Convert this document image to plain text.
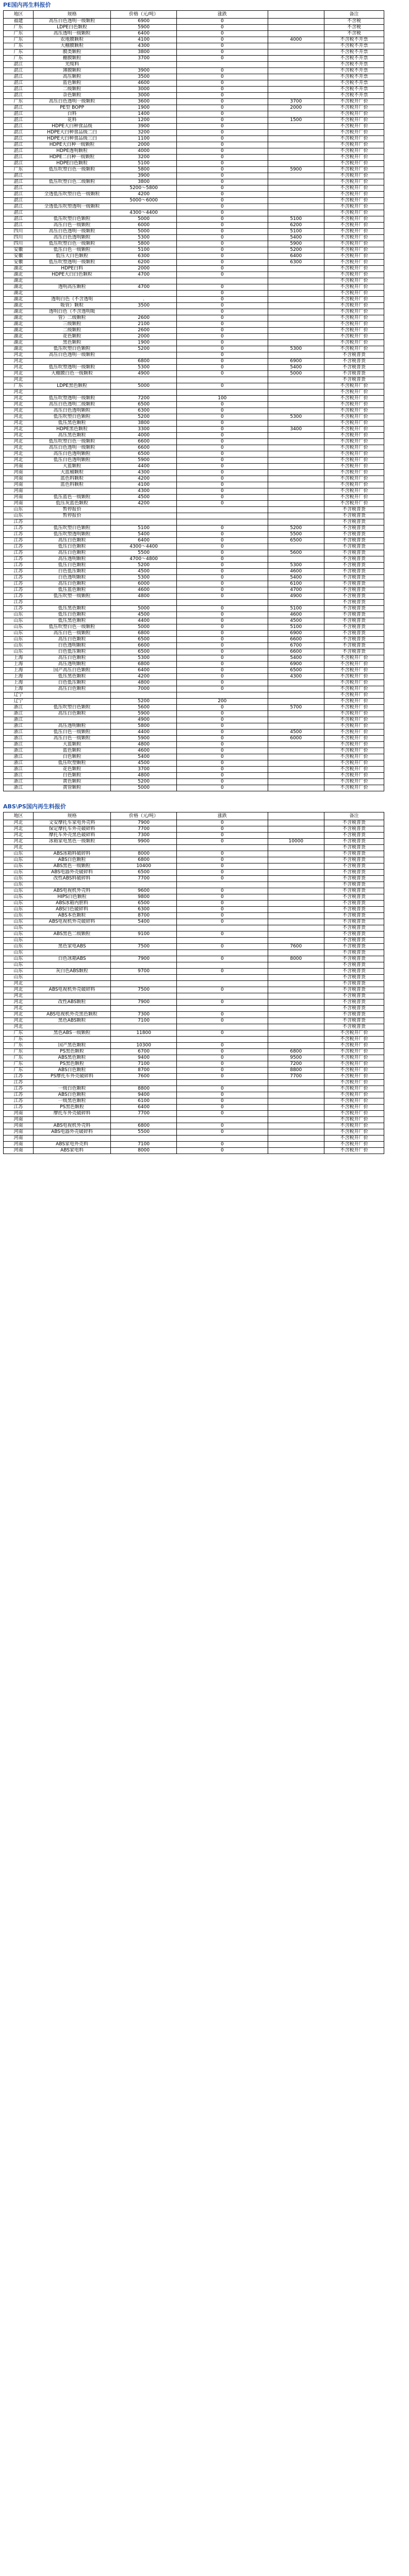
PE国内再生料报价
地区	规格	价格（元/吨）	涨跌		备注
福建	高压白色透明一级颗粒	6900	0		不含税
广东	LDPE白色颗粒	5900	0		不含税
广东	高压透明一级颗粒	6400	0		不含税
广东	农地膜颗粒	4100	0	4000	不含税不开票
广东	大棚膜颗粒	4300	0		不含税不开票
广东	膜类颗粒	3800	0		不含税不开票
广东	棚膜颗粒	3700	0		不含税不开票
湛江	光缆料				不含税不开票
湛江	薄膜颗粒	3900	0		不含税不开票
湛江	高压颗粒	3500	0		不含税不开票
湛江	蓝色颗粒	4600	0		不含税不开票
湛江	二级颗粒	3000	0		不含税不开票
湛江	杂色颗粒	3000	0		不含税不开票
广东	高压白色透明一级颗粒	3600	0	3700	不含税开厂价
湛江	PE型 BOPP	1900	0	2000	不含税开厂价
湛江	白料	1400	0		不含税开厂价
湛江	花料	1200	0	1500	不含税开厂价
湛江	HDPE大白种食品级	3900	0		不含税开厂价
湛江	HDPE大白种食品级二白	3200	0		不含税开厂价
湛江	HDPE大白种食品级三白	1100	0		不含税开厂价
湛江	HDPE大白种一级颗粒	2000	0		不含税开厂价
湛江	HDPE透明颗粒	4000	0		不含税开厂价
湛江	HDPE二白种一级颗粒	3200	0		不含税开厂价
湛江	HDPE白色颗粒	5100	0		不含税开厂价
广东	低压吹塑白色一级颗粒	5800	0	5900	不含税开厂价
湛江		3900	0		不含税开厂价
湛江	低压吹塑白色二级颗粒	3800	0		不含税开厂价
湛江		5200～5800	0		不含税开厂价
湛江	全透低压吹塑白色一级颗粒	4200	0		不含税开厂价
湛江		5000～6000	0		不含税开厂价
湛江	全透低压吹塑透明一级颗粒		0		不含税开厂价
湛江		4300～4400	0		不含税开厂价
湛江	低压吹塑白色颗粒	5000	0	5100	不含税开厂价
湛江	高压白色一级颗粒	6000	0	6200	不含税开厂价
四川	高压白色透明一级颗粒	5000	0	5100	不含税开厂价
四川	高压白色透明颗粒	5300	0	5400	不含税开厂价
四川	低压吹塑白色一级颗粒	5800	0	5900	不含税开厂价
安徽	低压白色一级颗粒	5100	0	5200	不含税开厂价
安徽	低压大白色颗粒	6300	0	6400	不含税开厂价
安徽	低压吹塑透明一级颗粒	6200	0	6300	不含税开厂价
湖北	HDPE白料	2000	0		不含税开厂价
湖北	HDPE大白白色颗粒	4700	0		不含税开厂价
湖北					不含税开厂价
湖北	透明高压颗粒	4700	0		不含税开厂价
湖北			0		不含税开厂价
湖北	透明白色（不含透明	.	0		不含税开厂价
湖北	吸管）颗粒	3500	0		不含税开厂价
湖北	透明白色（不含透明吸		0		不含税开厂价
湖北	管）二级颗粒	2600	0		不含税开厂价
湖北	三级颗粒	2100	0		不含税开厂价
湖北	二级颗粒	2600	0		不含税开厂价
湖北	花色颗粒	2000	0		不含税开厂价
湖北	黑色颗粒	1900	0		不含税开厂价
湖北	低压吹塑白色颗粒	5200	0	5300	不含税开厂价
河北	高压白色透明一级颗粒		0		不含税普货
河北		6800	0	6900	不含税普货
河北	低压吹塑透明一级颗粒	5300	0	5400	不含税普货
河北	大棚膜白色一级颗粒	4900	0	5000	不含税普货
河北					不含税普货
广东	LDPE黑色颗粒	5000	0		不含税开厂价
河北					不含税开厂价
河北	低压吹塑透明一级颗粒	7200	100		不含税开厂价
河北	高压白色透明二级颗粒	6500	0		不含税开厂价
河北	高压白色透明颗粒	6300	0		不含税开厂价
河北	低压吹塑白色颗粒	5200	0	5300	不含税开厂价
河北	低压黑色颗粒	3800	0		不含税开厂价
河北	HDPE黑色颗粒	3300	0	3400	不含税开厂价
河北	高压黑色颗粒	4000	0		不含税开厂价
河北	低压吹塑白色一级颗粒	6600	0		不含税开厂价
河北	高压白色透明一级颗粒	6600	0		不含税开厂价
河北	高压白色透明颗粒	6500	0		不含税开厂价
河北	低压白色透明颗粒	5900	0		不含税开厂价
河南	大蓝颗粒	4400	0		不含税开厂价
河南	大蓝桶颗粒	4300	0		不含税开厂价
河南	蓝色料颗粒	4200	0		不含税开厂价
河南	蓝色料颗粒	4100	0		不含税开厂价
河南		4300	0		不含税开厂价
河南	低压蓝色一级颗粒	4500	0		不含税开厂价
河南	低压灰蓝色颗粒	4200	0		不含税开厂价
山东	暂停报价				不含税普货
山东	暂停报价				不含税普货
江苏					不含税普货
江苏	低压吹塑白色颗粒	5100	0	5200	不含税普货
江苏	低压吹塑透明颗粒	5400	0	5500	不含税普货
江苏	高压白色颗粒	6400	0	6500	不含税普货
江苏	低压白色颗粒	4300～4400	0		不含税普货
江苏	高压白色颗粒	5500	0	5600	不含税普货
江苏	高压透明颗粒	4700～4800	0		不含税普货
江苏	低压白色颗粒	5200	0	5300	不含税普货
江苏	白色低压颗粒	4500	0	4600	不含税普货
江苏	白色透明颗粒	5300	0	5400	不含税普货
江苏	高压白色颗粒	6000	0	6100	不含税普货
江苏	低压蓝色颗粒	4600	0	4700	不含税普货
江苏	低压吹塑一级颗粒	4800	0	4900	不含税普货
江苏					不含税普货
江苏	低压黑色颗粒	5000	0	5100	不含税普货
山东	低压白色颗粒	4500	0	4600	不含税普货
山东	低压黑色颗粒	4400	0	4500	不含税普货
山东	低压吹塑白色一级颗粒	5000	0	5100	不含税普货
山东	高压白色一级颗粒	6800	0	6900	不含税普货
山东	高压白色颗粒	6500	0	6600	不含税普货
山东	白色透明颗粒	6600	0	6700	不含税普货
山东	白色低压颗粒	6500	0	6600	不含税普货
上海	高压白色颗粒	5300	0	5400	不含税开厂价
上海	高压透明颗粒	6800	0	6900	不含税开厂价
上海	国产高压白色颗粒	6400	0	6500	不含税开厂价
上海	低压黑色颗粒	4200	0	4300	不含税开厂价
上海	白色低压颗粒	4800	0		不含税开厂价
上海	高压白色颗粒	7000	0		不含税开厂价
辽宁					不含税开厂价
辽宁		5200	200		不含税开厂价
浙江	低压吹塑白色颗粒	5600	0	5700	不含税开厂价
浙江	高压白色颗粒	5900	0		不含税开厂价
浙江		4900	0		不含税开厂价
浙江	高压透明颗粒	5800	0		不含税开厂价
浙江	低压白色一级颗粒	4400	0	4500	不含税开厂价
浙江	高压白色一级颗粒	5900	0	6000	不含税开厂价
浙江	大蓝颗粒	4800	0		不含税开厂价
浙江	蓝色颗粒	4600	0		不含税开厂价
浙江	白色颗粒	5400	0		不含税开厂价
浙江	低压吹塑颗粒	4500	0		不含税开厂价
浙江	花色颗粒	3700	0		不含税开厂价
浙江	白色颗粒	4800	0		不含税开厂价
浙江	黄色颗粒	5200	0		不含税开厂价
浙江	黄管颗粒	5000	0		不含税开厂价
ABS\PS国内再生料报价
地区	规格	价格（元/吨）	涨跌		备注
河北	文安摩托车家电外壳料	7900	0		不含税普货
河北	保定摩托车外壳破碎料	7700	0		不含税普货
河北	摩托车外壳黑色破碎料	7300	0		不含税普货
河北	冰箱家电黑色一级颗粒	9900	0	10000	不含税普货
河北					不含税普货
山东	ABS冰箱料破碎料	8000	0		不含税普货
山东	ABS白色颗粒	6800	0		不含税普货
山东	ABS黑色一级颗粒	10400	0		不含税普货
山东	ABS电器外壳破碎料	6500	0		不含税普货
山东	改性ABS料破碎料	7700	0		不含税普货
山东					不含税普货
山东	ABS电视机外壳料	9600	0		不含税普货
山东	HIPS白色颗粒	9800	0		不含税普货
山东	ABS冰箱内胆料	6500	0		不含税普货
山东	ABS白色破碎料	6300	0		不含税普货
山东	ABS本色颗粒	8700	0		不含税普货
山东	ABS电视机外壳破碎料	5400	0		不含税普货
山东					不含税普货
山东	ABS黑色二级颗粒	9100	0		不含税普货
山东					不含税普货
山东	黑色家电ABS	7500	0	7600	不含税普货
山东					不含税普货
山东	白色冰箱ABS	7900	0	8000	不含税普货
山东					不含税普货
山东	灰白色ABS颗粒	9700	0		不含税普货
山东					不含税普货
河北					不含税普货
河北	ABS电视机外壳破碎料	7500	0		不含税普货
河北					不含税普货
河北	改性ABS颗粒	7900	0		不含税普货
河北					不含税普货
河北	ABS电视机外壳黑色颗粒	7300	0		不含税普货
河北	黑色ABS颗粒	7100	0		不含税普货
河北					不含税普货
广东	黑色ABS一级颗粒	11800	0		不含税开厂价
广东					不含税开厂价
广东	国产黑色颗粒	10300	0		不含税开厂价
广东	PS黑色颗粒	6700	0	6800	不含税开厂价
广东	ABS黑色颗粒	9400	0	9500	不含税开厂价
广东	PS黑色颗粒	7100	0	7200	不含税开厂价
广东	ABS白色颗粒	8700	0	8800	不含税开厂价
江苏	PS摩托车外壳破碎料	7600	0	7700	不含税开厂价
江苏					不含税开厂价
江苏	一级白色颗粒	8800	0		不含税开厂价
江苏	ABS白色颗粒	9400	0		不含税开厂价
江苏	一级黑色颗粒	6100	0		不含税开厂价
江苏	PS黑色颗粒	6400	0		不含税开厂价
河南	摩托车外壳破碎料	7700	0		不含税开厂价
河南					不含税开厂价
河南	ABS电视机外壳料	6800	0		不含税开厂价
河南	ABS电器外壳破碎料	5500	0		不含税开厂价
河南					不含税开厂价
河南	ABS家电外壳料	7100	0		不含税开厂价
河南	ABS家电料	8000	0		不含税开厂价
